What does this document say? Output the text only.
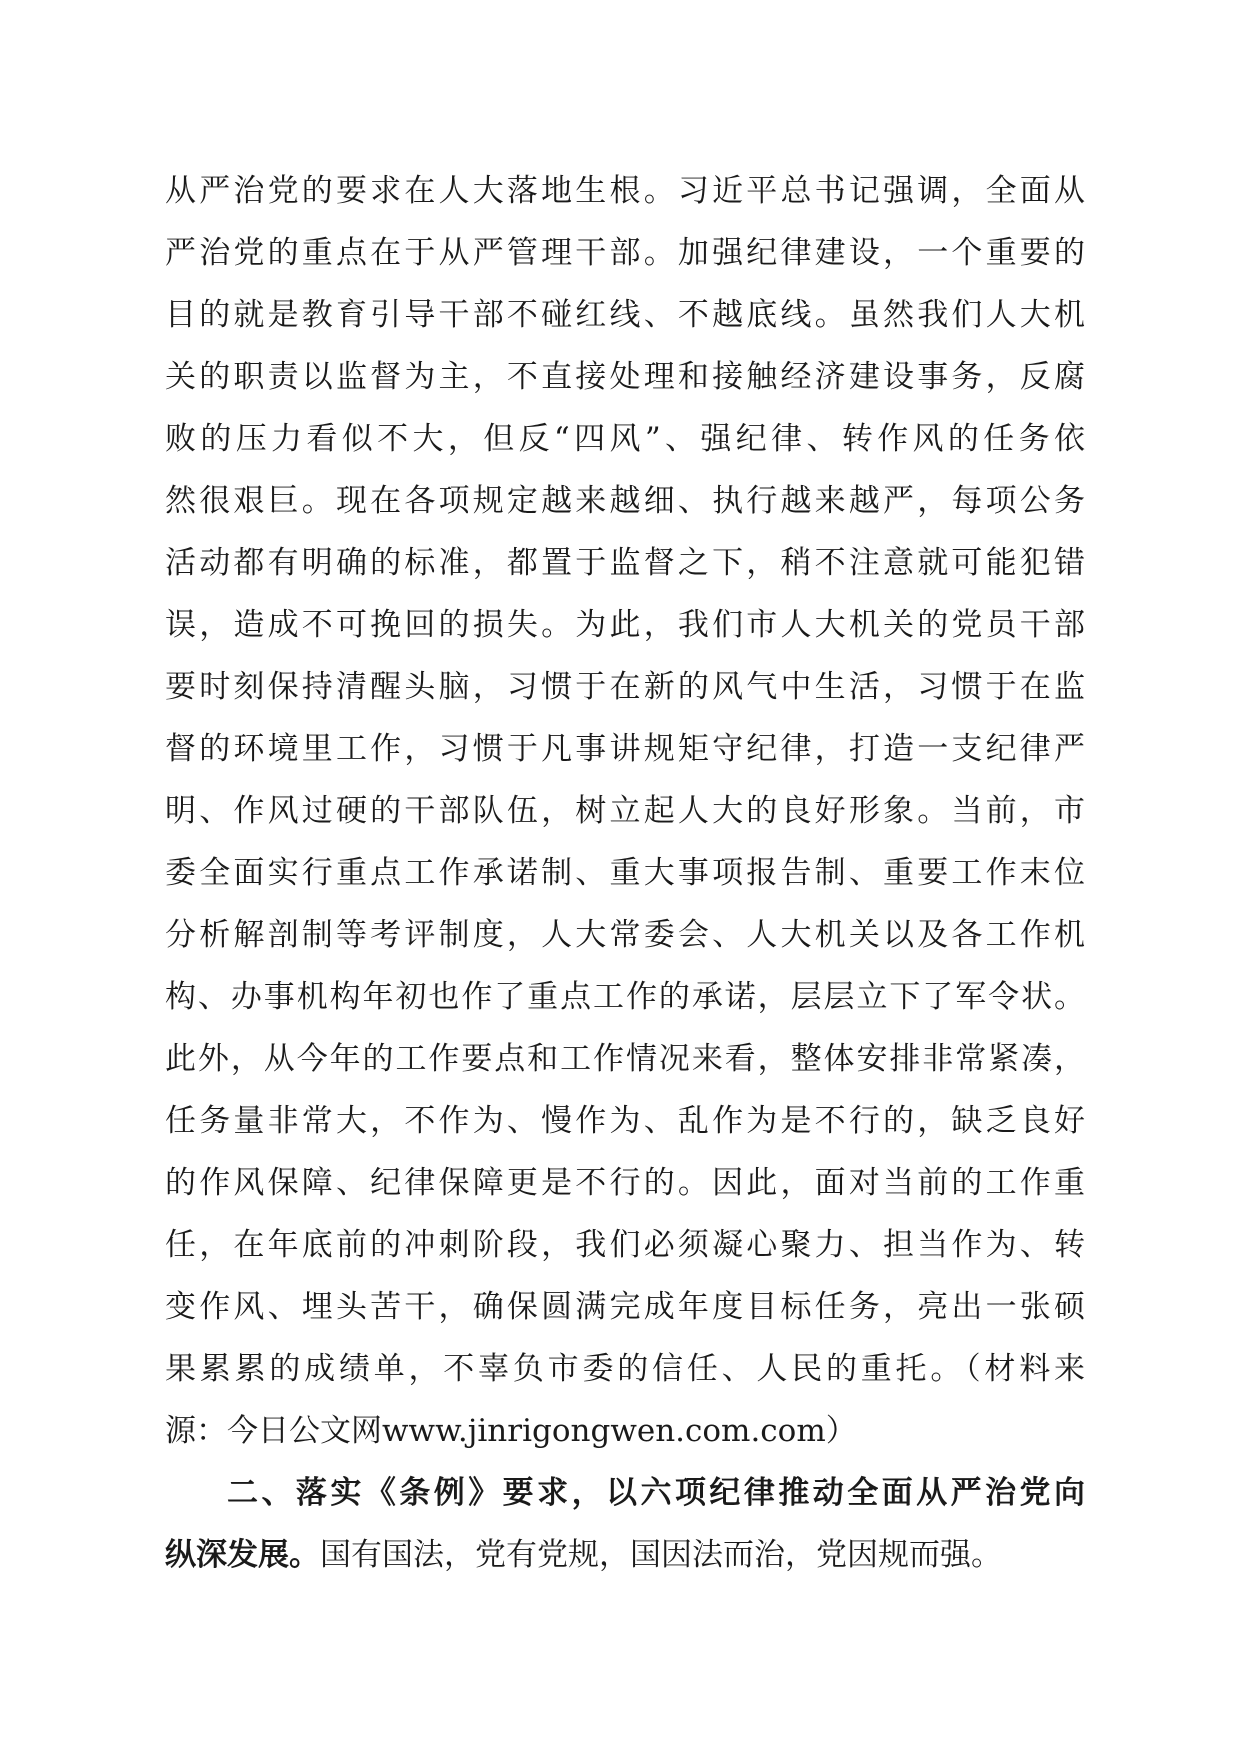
从严治党的要求在人大落地生根。习近平总书记强调，全面从
严治党的重点在于从严管理干部。加强纪律建设，一个重要的
目的就是教育引导干部不碰红线、不越底线。虽然我们人大机
关的职责以监督为主，不直接处理和接触经济建设事务，反腐
败的压力看似不大，但反“四风”、强纪律、转作风的任务依
然很艰巨。现在各项规定越来越细、执行越来越严，每项公务
活动都有明确的标准，都置于监督之下，稍不注意就可能犯错
误，造成不可挽回的损失。为此，我们市人大机关的党员干部
要时刻保持清醒头脑，习惯于在新的风气中生活，习惯于在监
督的环境里工作，习惯于凡事讲规矩守纪律，打造一支纪律严
明、作风过硬的干部队伍，树立起人大的良好形象。当前，市
委全面实行重点工作承诺制、重大事项报告制、重要工作末位
分析解剖制等考评制度，人大常委会、人大机关以及各工作机
构、办事机构年初也作了重点工作的承诺，层层立下了军令状。
此外，从今年的工作要点和工作情况来看，整体安排非常紧凑，
任务量非常大，不作为、慢作为、乱作为是不行的，缺乏良好
的作风保障、纪律保障更是不行的。因此，面对当前的工作重
任，在年底前的冲刺阶段，我们必须凝心聚力、担当作为、转
变作风、埋头苦干，确保圆满完成年度目标任务，亮出一张硕
果累累的成绩单，不辜负市委的信任、人民的重托。（材料来
源：今日公文网www.jinrigongwen.com.com）
二、落实《条例》要求，以六项纪律推动全面从严治党向
纵深发展。国有国法，党有党规，国因法而治，党因规而强。
